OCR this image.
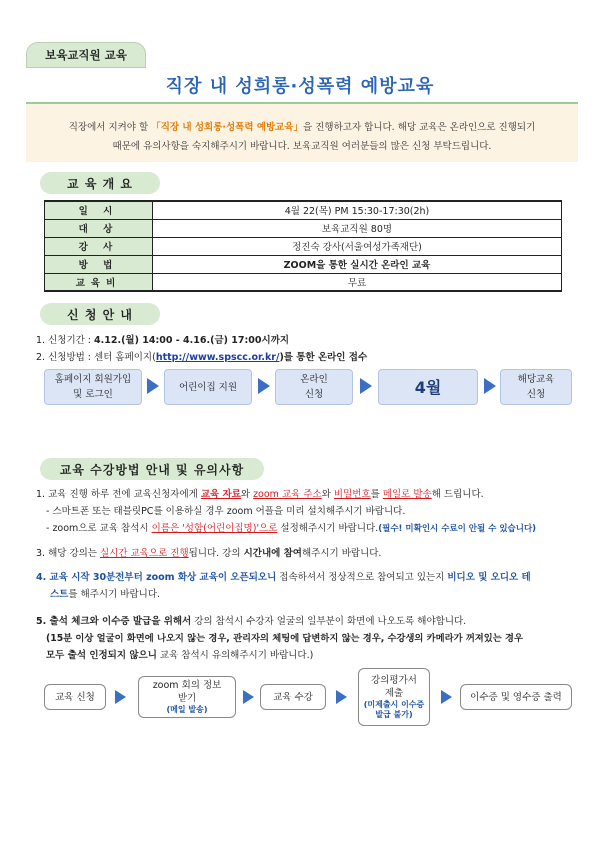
보육교직원 교육
직장 내 성희롱·성폭력 예방교육
직장에서 지켜야 할 「직장 내 성희롱·성폭력 예방교육」을 진행하고자 합니다. 해당 교육은 온라인으로 진행되기
때문에 유의사항을 숙지해주시기 바랍니다. 보육교직원 여러분들의 많은 신청 부탁드립니다.
교 육 개 요
일 시	4월 22(목) PM 15:30-17:30(2h)
대 상	보육교직원 80명
강 사	정진숙 강사(서울여성가족재단)
방 법	ZOOM을 통한 실시간 온라인 교육
교육비	무료
신 청 안 내
1. 신청기간 : 4.12.(월) 14:00 - 4.16.(금) 17:00시까지
2. 신청방법 : 센터 홈페이지(http://www.spscc.or.kr/)를 통한 온라인 접수
홈페이지 회원가입
및 로그인
어린이집 지원
온라인
신청	4월	해당교육
신청
교육 수강방법 안내 및 유의사항
1. 교육 진행 하루 전에 교육신청자에게 교육 자료와 zoom 교육 주소와 비밀번호를 메일로 발송해 드립니다.
- 스마트폰 또는 태블릿PC를 이용하실 경우 zoom 어플을 미리 설치해주시기 바랍니다.
- zoom으로 교육 참석시 이름은 '성함(어린이집명)'으로 설정해주시기 바랍니다.(필수! 미확인시 수료이 안될 수 있습니다)
3. 해당 강의는 실시간 교육으로 진행됩니다. 강의 시간내에 참여해주시기 바랍니다.
4. 교육 시작 30분전부터 zoom 화상 교육이 오픈되오니 접속하셔서 정상적으로 참여되고 있는지 비디오 및 오디오 테
스트를 해주시기 바랍니다.
5. 출석 체크와 이수증 발급을 위해서 강의 참석시 수강자 얼굴의 일부분이 화면에 나오도록 해야합니다.
(15분 이상 얼굴이 화면에 나오지 않는 경우, 관리자의 체팅에 답변하지 않는 경우, 수강생의 카메라가 꺼져있는 경우
모두 출석 인정되지 않으니 교육 참석시 유의해주시기 바랍니다.)
교육 신청
zoom 회의 정보
받기
(메일 발송)
교육 수강
강의평가서
제출
(미제출시 이수증
발급 불가)
이수증 및 영수증 출력
